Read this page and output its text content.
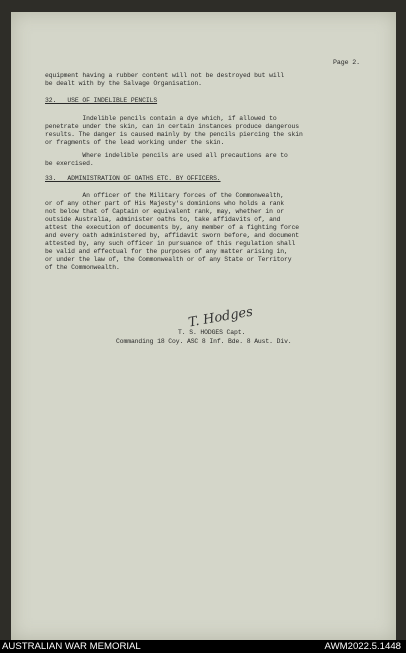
Page 2.
equipment having a rubber content will not be destroyed but will
be dealt with by the Salvage Organisation.
32.   USE OF INDELIBLE PENCILS
Indelible pencils contain a dye which, if allowed to
penetrate under the skin, can in certain instances produce dangerous
results. The danger is caused mainly by the pencils piercing the skin
or fragments of the lead working under the skin.
Where indelible pencils are used all precautions are to
be exercised.
33.   ADMINISTRATION OF OATHS ETC. BY OFFICERS.
An officer of the Military forces of the Commonwealth,
or of any other part of His Majesty's dominions who holds a rank
not below that of Captain or equivalent rank, may, whether in or
outside Australia, administer oaths to, take affidavits of, and
attest the execution of documents by, any member of a fighting force
and every oath administered by, affidavit sworn before, and document
attested by, any such officer in pursuance of this regulation shall
be valid and effectual for the purposes of any matter arising in,
or under the law of, the Commonwealth or of any State or Territory
of the Commonwealth.
T. Hodges
T. S. HODGES Capt.
Commanding 18 Coy. ASC 8 Inf. Bde. 8 Aust. Div.
AUSTRALIAN WAR MEMORIAL	AWM2022.5.1448
